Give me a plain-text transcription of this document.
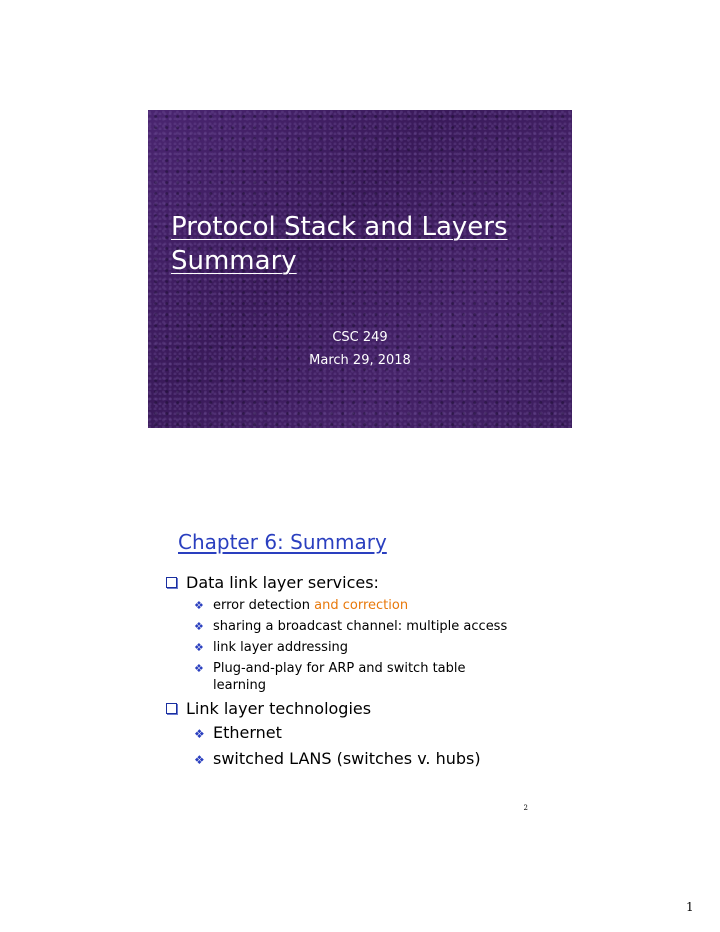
Protocol Stack and Layers
Summary
CSC 249
March 29, 2018
Chapter 6: Summary
Data link layer services:
❖ error detection and correction
❖ sharing a broadcast channel: multiple access
❖ link layer addressing
❖ Plug-and-play for ARP and switch table learning
Link layer technologies
❖ Ethernet
❖ switched LANS (switches v. hubs)
2
1
